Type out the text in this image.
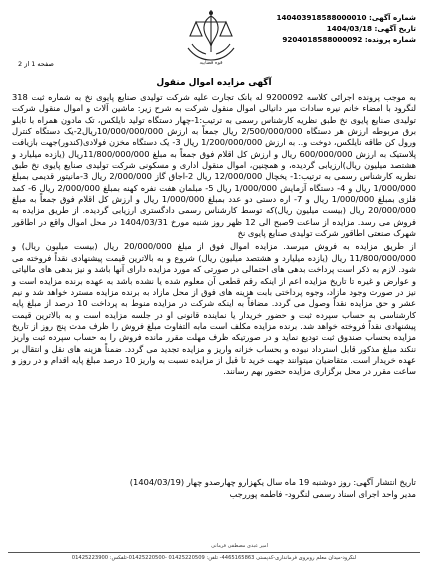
شماره آگهی: 140403918588000010
تاریخ آگهی: 1404/03/18
شماره پرونده: 9204018588000092
قوه قضاییه
صفحه 1 از 2
آگهی مزایده اموال منقول

به موجب پرونده اجرائی کلاسه 9200092 له بانک تجارت علیه شرکت تولیدی صنایع پایوی نخ به شماره ثبت 318 لنگرود با امضاء خانم نیره سادات میر دانیالی اموال منقول شرکت به شرح زیر: ماشین آلات و اموال منقول شرکت تولیدی صنایع پایوی نخ طبق نظریه کارشناس رسمی به ترتیب:1-چهار دستگاه تولید نایلکس، تک مادون همراه با تابلو برق مربوطه ارزش هر دستگاه 2/500/000/000 ریال جمعاً به ارزش 10/000/000/000ریال2-یک دستگاه کنترل ورول کن طاقه نایلکس، دوخت و.. به ارزش 1/200/000/000 ریال 3- یک دستگاه مخزن فولادی(کندور)جهت بازیافت پلاستیک به ارزش 600/000/000 ریال و ارزش کل اقلام فوق جمعاً به مبلغ 11/800/000/000ریال (یازده میلیارد و هشتصد میلیون ریال)ارزیابی گردیده، و همچنین، اموال منقول اداری و مسکونی شرکت تولیدی صنایع پایوی نخ طبق نظریه کارشناس رسمی به ترتیب:1- یخچال 12/000/000 ریال 2-اجاق گاز 2/000/000 ریال 3-مانیتور قدیمی بمبلغ 1/000/000 ریال و 4- دستگاه آزمایش 1/000/000 ریال 5- مبلمان هفت نفره کهنه بمبلغ 2/000/000 ریال 6- کمد فلزی بمبلغ 1/000/000 ریال و 7- اره دستی دو عدد بمبلغ 1/000/000 ریال و ارزش کل اقلام فوق جمعاً به مبلغ 20/000/000 ریال (بیست میلیون ریال)که توسط کارشناس رسمی دادگستری ارزیابی گردیده. از طریق مزایده به فروش می رسد. مزایده از ساعت 9صبح الی 12 ظهر روز شنبه مورخ 1404/03/31 در محل اموال واقع در اطاقور شهرک صنعتی اطاقور شرکت تولیدی صنایع پایوی نخ

از طریق مزایده به فروش میرسد. مزایده اموال فوق از مبلغ 20/000/000 ریال (بیست میلیون ریال) و 11/800/000/000 ریال (یازده میلیارد و هشتصد میلیون ریال) شروع و به بالاترین قیمت پیشنهادی نقداً فروخته می شود. لازم به ذکر است پرداخت بدهی های احتمالی در صورتی که مورد مزایده دارای آنها باشد و نیز بدهی های مالیاتی و عوارض و غیره تا تاریخ مزایده اعم از اینکه رقم قطعی آن معلوم شده یا نشده باشد به عهده برنده مزایده است و نیز در صورت وجود مازاد، وجوه پرداختی بابت هزینه های فوق از محل مازاد به برنده مزایده مسترد خواهد شد و نیم عشر و حق مزایده نقداً وصول می گردد. مضافاً به اینکه شرکت در مزایده منوط به پرداخت 10 درصد از مبلغ پایه کارشناسی به حساب سپرده ثبت و حضور خریدار یا نماینده قانونی او در جلسه مزایده است و به بالاترین قیمت پیشنهادی نقداً فروخته خواهد شد. برنده مزایده مکلف است مابه التفاوت مبلغ فروش را ظرف مدت پنج روز از تاریخ مزایده بحساب صندوق ثبت تودیع نماید و در صورتیکه ظرف مهلت مقرر مانده فروش را به حساب سپرده ثبت واریز ننکند مبلغ مذکور قابل استرداد نبوده و بحساب خزانه واریز و مزایده تجدید می گردد. ضمناً هزینه های نقل و انتقال بر عهده خریدار است. متقاضیان میتوانند جهت خرید تا قبل از مزایده نسبت به واریز 10 درصد مبلغ پایه اقدام و در روز و ساعت مقرر در محل برگزاری مزایده حضور بهم رسانند.

تاریخ انتشار آگهی: روز دوشنبه 19 ماه سال یکهزارو چهارصدو چهار (1404/03/19)
مدیر واحد اجرای اسناد رسمی لنگرود- فاطمه پوررجب
امیر عبدی مصطفی فرمانی
لنگرود-میدان معلم روبروی فرمانداری-کدپستی 4465165863- تلفن: 01425220509 -01425220500-تلفکس: 01425223900
